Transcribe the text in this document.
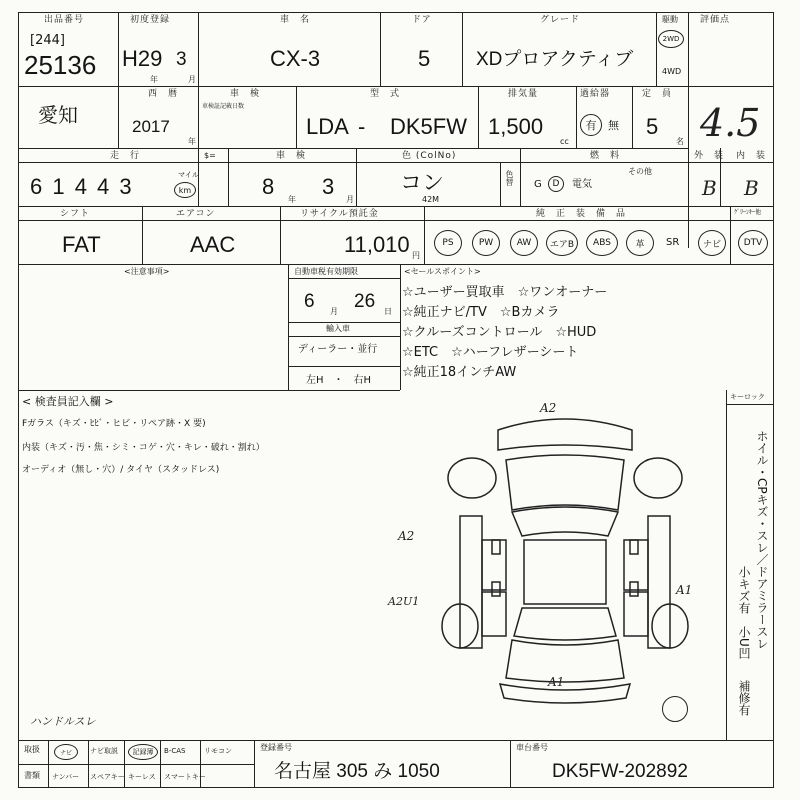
出品番号
[244]
25136
初度登録
H29 3
年	月
車　名
CX-3
ドア
5
グレード
XDプロアクティブ
駆動
2WD
4WD
評価点
4.5
愛知
西　暦
2017
年
車　検
車検証記載日数
型　式
LDA - DK5FW
排気量
1,500
cc
過給器
有	無
定　員
5
名
走　行
6 1 4 4 3	マイル
km
$=	車　検
8
年
3
月
色 (ColNo)
コン
42M
色替
燃　料
G	D	電気
その他
外　装
B
内　装
B
シフト
FAT
エアコン
AAC
リサイクル預託金
11,010 円
純　正　装　備　品
PS	PW	AW	エアB	ABS	革	SR	ナビ
ｸﾞﾘｰﾝｷｰ他
DTV
<注意事項>	自動車税有効期限
6 月 26 日
輸入車
ディーラー・並行
左H　・　右H
<セールスポイント>
☆ユーザー買取車　☆ワンオーナー
☆純正ナビ/TV　☆Bカメラ
☆クルーズコントロール　☆HUD
☆ETC　☆ハーフレザーシート
☆純正18インチAW
< 検査員記入欄 >
Fガラス（キズ・ﾋﾋﾞ・ヒビ・リペア跡・X 要)
内装（キズ・汚・焦・シミ・コゲ・穴・キレ・破れ・割れ）
オーディオ（無し・穴）/ タイヤ（スタッドレス)
ハンドルスレ
キーロック
ホイル・CPキズ・スレ／ドアミラースレ
小キズ有
小U凹
補修有
A2
A2
A2U1
A1
A1
取扱	ナビ	ナビ取説	記録簿	B-CAS	リモコン
書類 ナンバー スペアキー キーレス スマートキー
登録番号
名古屋 305 み 1050
車台番号
DK5FW-202892
